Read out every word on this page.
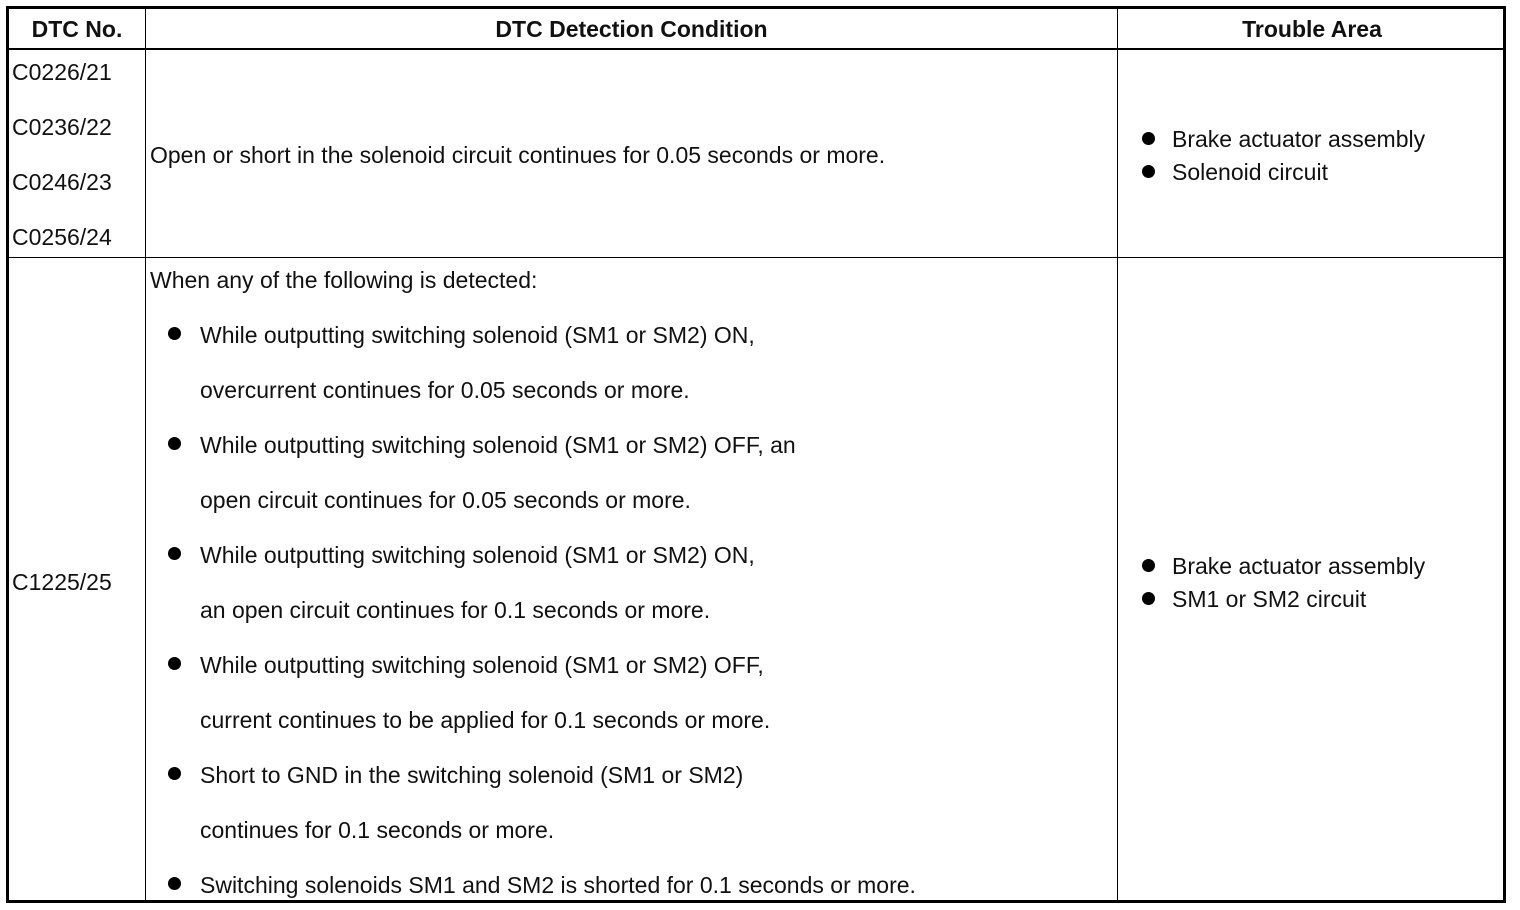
DTC No.	DTC Detection Condition	Trouble Area
C0226/21
C0236/22
C0246/23
C0256/24
Open or short in the solenoid circuit continues for 0.05 seconds or more.
Brake actuator assembly
Solenoid circuit
C1225/25
When any of the following is detected:
While outputting switching solenoid (SM1 or SM2) ON,
overcurrent continues for 0.05 seconds or more.
While outputting switching solenoid (SM1 or SM2) OFF, an
open circuit continues for 0.05 seconds or more.
While outputting switching solenoid (SM1 or SM2) ON,
an open circuit continues for 0.1 seconds or more.
While outputting switching solenoid (SM1 or SM2) OFF,
current continues to be applied for 0.1 seconds or more.
Short to GND in the switching solenoid (SM1 or SM2)
continues for 0.1 seconds or more.
Switching solenoids SM1 and SM2 is shorted for 0.1 seconds or more.
Brake actuator assembly
SM1 or SM2 circuit
